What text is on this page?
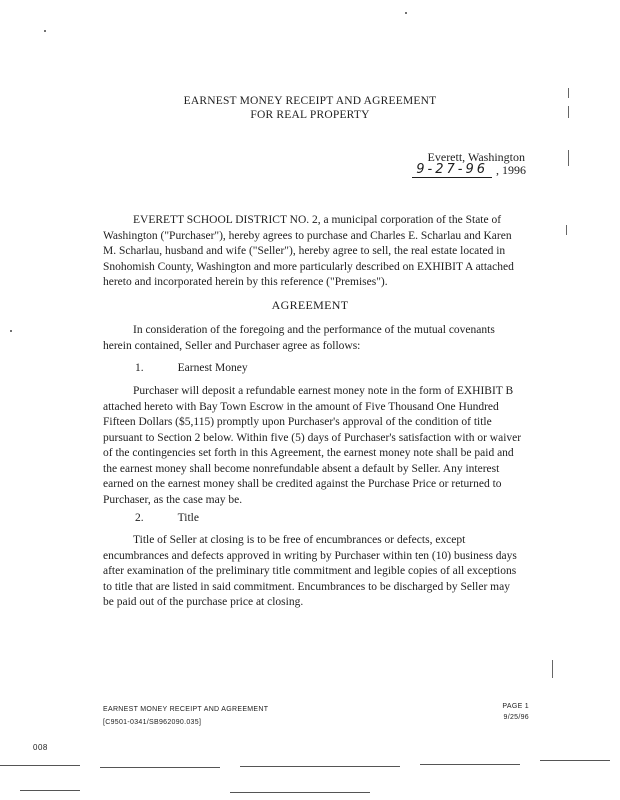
EARNEST MONEY RECEIPT AND AGREEMENT
FOR REAL PROPERTY
Everett, Washington
9-27-96 , 1996
EVERETT SCHOOL DISTRICT NO. 2, a municipal corporation of the State of Washington ("Purchaser"), hereby agrees to purchase and Charles E. Scharlau and Karen M. Scharlau, husband and wife ("Seller"), hereby agree to sell, the real estate located in Snohomish County, Washington and more particularly described on EXHIBIT A attached hereto and incorporated herein by this reference ("Premises").
AGREEMENT
In consideration of the foregoing and the performance of the mutual covenants herein contained, Seller and Purchaser agree as follows:
1.	Earnest Money
Purchaser will deposit a refundable earnest money note in the form of EXHIBIT B attached hereto with Bay Town Escrow in the amount of Five Thousand One Hundred Fifteen Dollars ($5,115) promptly upon Purchaser's approval of the condition of title pursuant to Section 2 below. Within five (5) days of Purchaser's satisfaction with or waiver of the contingencies set forth in this Agreement, the earnest money note shall be paid and the earnest money shall become nonrefundable absent a default by Seller. Any interest earned on the earnest money shall be credited against the Purchase Price or returned to Purchaser, as the case may be.
2.	Title
Title of Seller at closing is to be free of encumbrances or defects, except encumbrances and defects approved in writing by Purchaser within ten (10) business days after examination of the preliminary title commitment and legible copies of all exceptions to title that are listed in said commitment. Encumbrances to be discharged by Seller may be paid out of the purchase price at closing.
EARNEST MONEY RECEIPT AND AGREEMENT
[C9501-0341/SB962090.035]
PAGE 1
9/25/96
008
